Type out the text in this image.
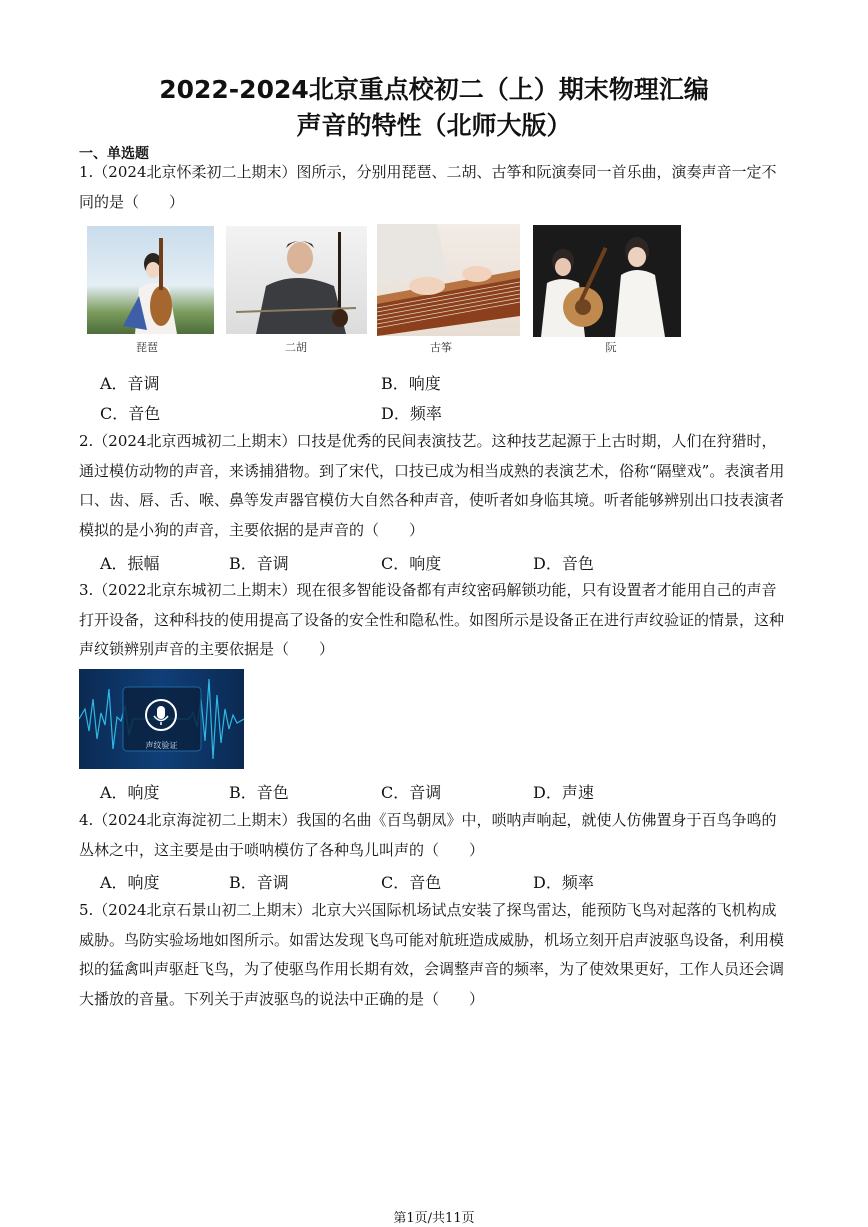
2022-2024北京重点校初二（上）期末物理汇编
声音的特性（北师大版）
一、单选题
1.（2024北京怀柔初二上期末）图所示，分别用琵琶、二胡、古筝和阮演奏同一首乐曲，演奏声音一定不同的是（　　）
琵琶	二胡	古筝	阮
A．音调	B．响度
C．音色	D．频率
2.（2024北京西城初二上期末）口技是优秀的民间表演技艺。这种技艺起源于上古时期，人们在狩猎时，通过模仿动物的声音，来诱捕猎物。到了宋代，口技已成为相当成熟的表演艺术，俗称“隔壁戏”。表演者用口、齿、唇、舌、喉、鼻等发声器官模仿大自然各种声音，使听者如身临其境。听者能够辨别出口技表演者模拟的是小狗的声音，主要依据的是声音的（　　）
A．振幅	B．音调	C．响度	D．音色
3.（2022北京东城初二上期末）现在很多智能设备都有声纹密码解锁功能，只有设置者才能用自己的声音打开设备，这种科技的使用提高了设备的安全性和隐私性。如图所示是设备正在进行声纹验证的情景，这种声纹锁辨别声音的主要依据是（　　）
声纹验证
A．响度	B．音色	C．音调	D．声速
4.（2024北京海淀初二上期末）我国的名曲《百鸟朝凤》中，唢呐声响起，就使人仿佛置身于百鸟争鸣的丛林之中，这主要是由于唢呐模仿了各种鸟儿叫声的（　　）
A．响度	B．音调	C．音色	D．频率
5.（2024北京石景山初二上期末）北京大兴国际机场试点安装了探鸟雷达，能预防飞鸟对起落的飞机构成威胁。鸟防实验场地如图所示。如雷达发现飞鸟可能对航班造成威胁，机场立刻开启声波驱鸟设备，利用模拟的猛禽叫声驱赶飞鸟，为了使驱鸟作用长期有效，会调整声音的频率，为了使效果更好，工作人员还会调大播放的音量。下列关于声波驱鸟的说法中正确的是（　　）
第1页/共11页
